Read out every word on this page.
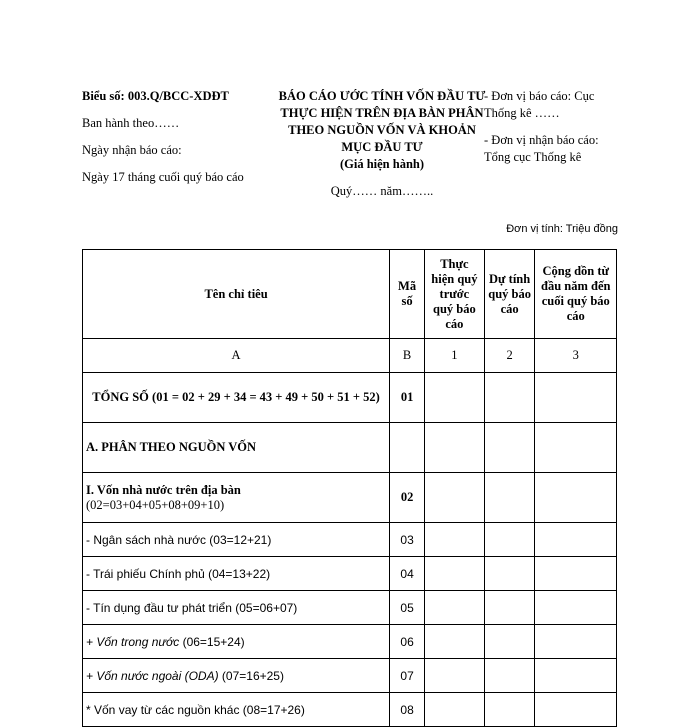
Biểu số: 003.Q/BCC-XDĐT
Ban hành theo……
Ngày nhận báo cáo:
Ngày 17 tháng cuối quý báo cáo
BÁO CÁO ƯỚC TÍNH VỐN ĐẦU TƯ THỰC HIỆN TRÊN ĐỊA BÀN PHÂN THEO NGUỒN VỐN VÀ KHOẢN MỤC ĐẦU TƯ
(Giá hiện hành)
Quý…… năm……..
- Đơn vị báo cáo: Cục Thống kê ……
- Đơn vị nhận báo cáo: Tổng cục Thống kê
Đơn vị tính: Triệu đồng
Tên chỉ tiêu	Mã số	Thực hiện quý trước quý báo cáo	Dự tính quý báo cáo	Cộng dồn từ đầu năm đến cuối quý báo cáo
A	B	1	2	3
TỔNG SỐ (01 = 02 + 29 + 34 = 43 + 49 + 50 + 51 + 52)	01			
A. PHÂN THEO NGUỒN VỐN				

I. Vốn nhà nước trên địa bàn
(02=03+04+05+08+09+10)	02			
- Ngân sách nhà nước (03=12+21)	03			
- Trái phiếu Chính phủ (04=13+22)	04			
- Tín dụng đầu tư phát triển (05=06+07)	05			
+ Vốn trong nước (06=15+24)	06			
+ Vốn nước ngoài (ODA) (07=16+25)	07			
* Vốn vay từ các nguồn khác (08=17+26)	08			
